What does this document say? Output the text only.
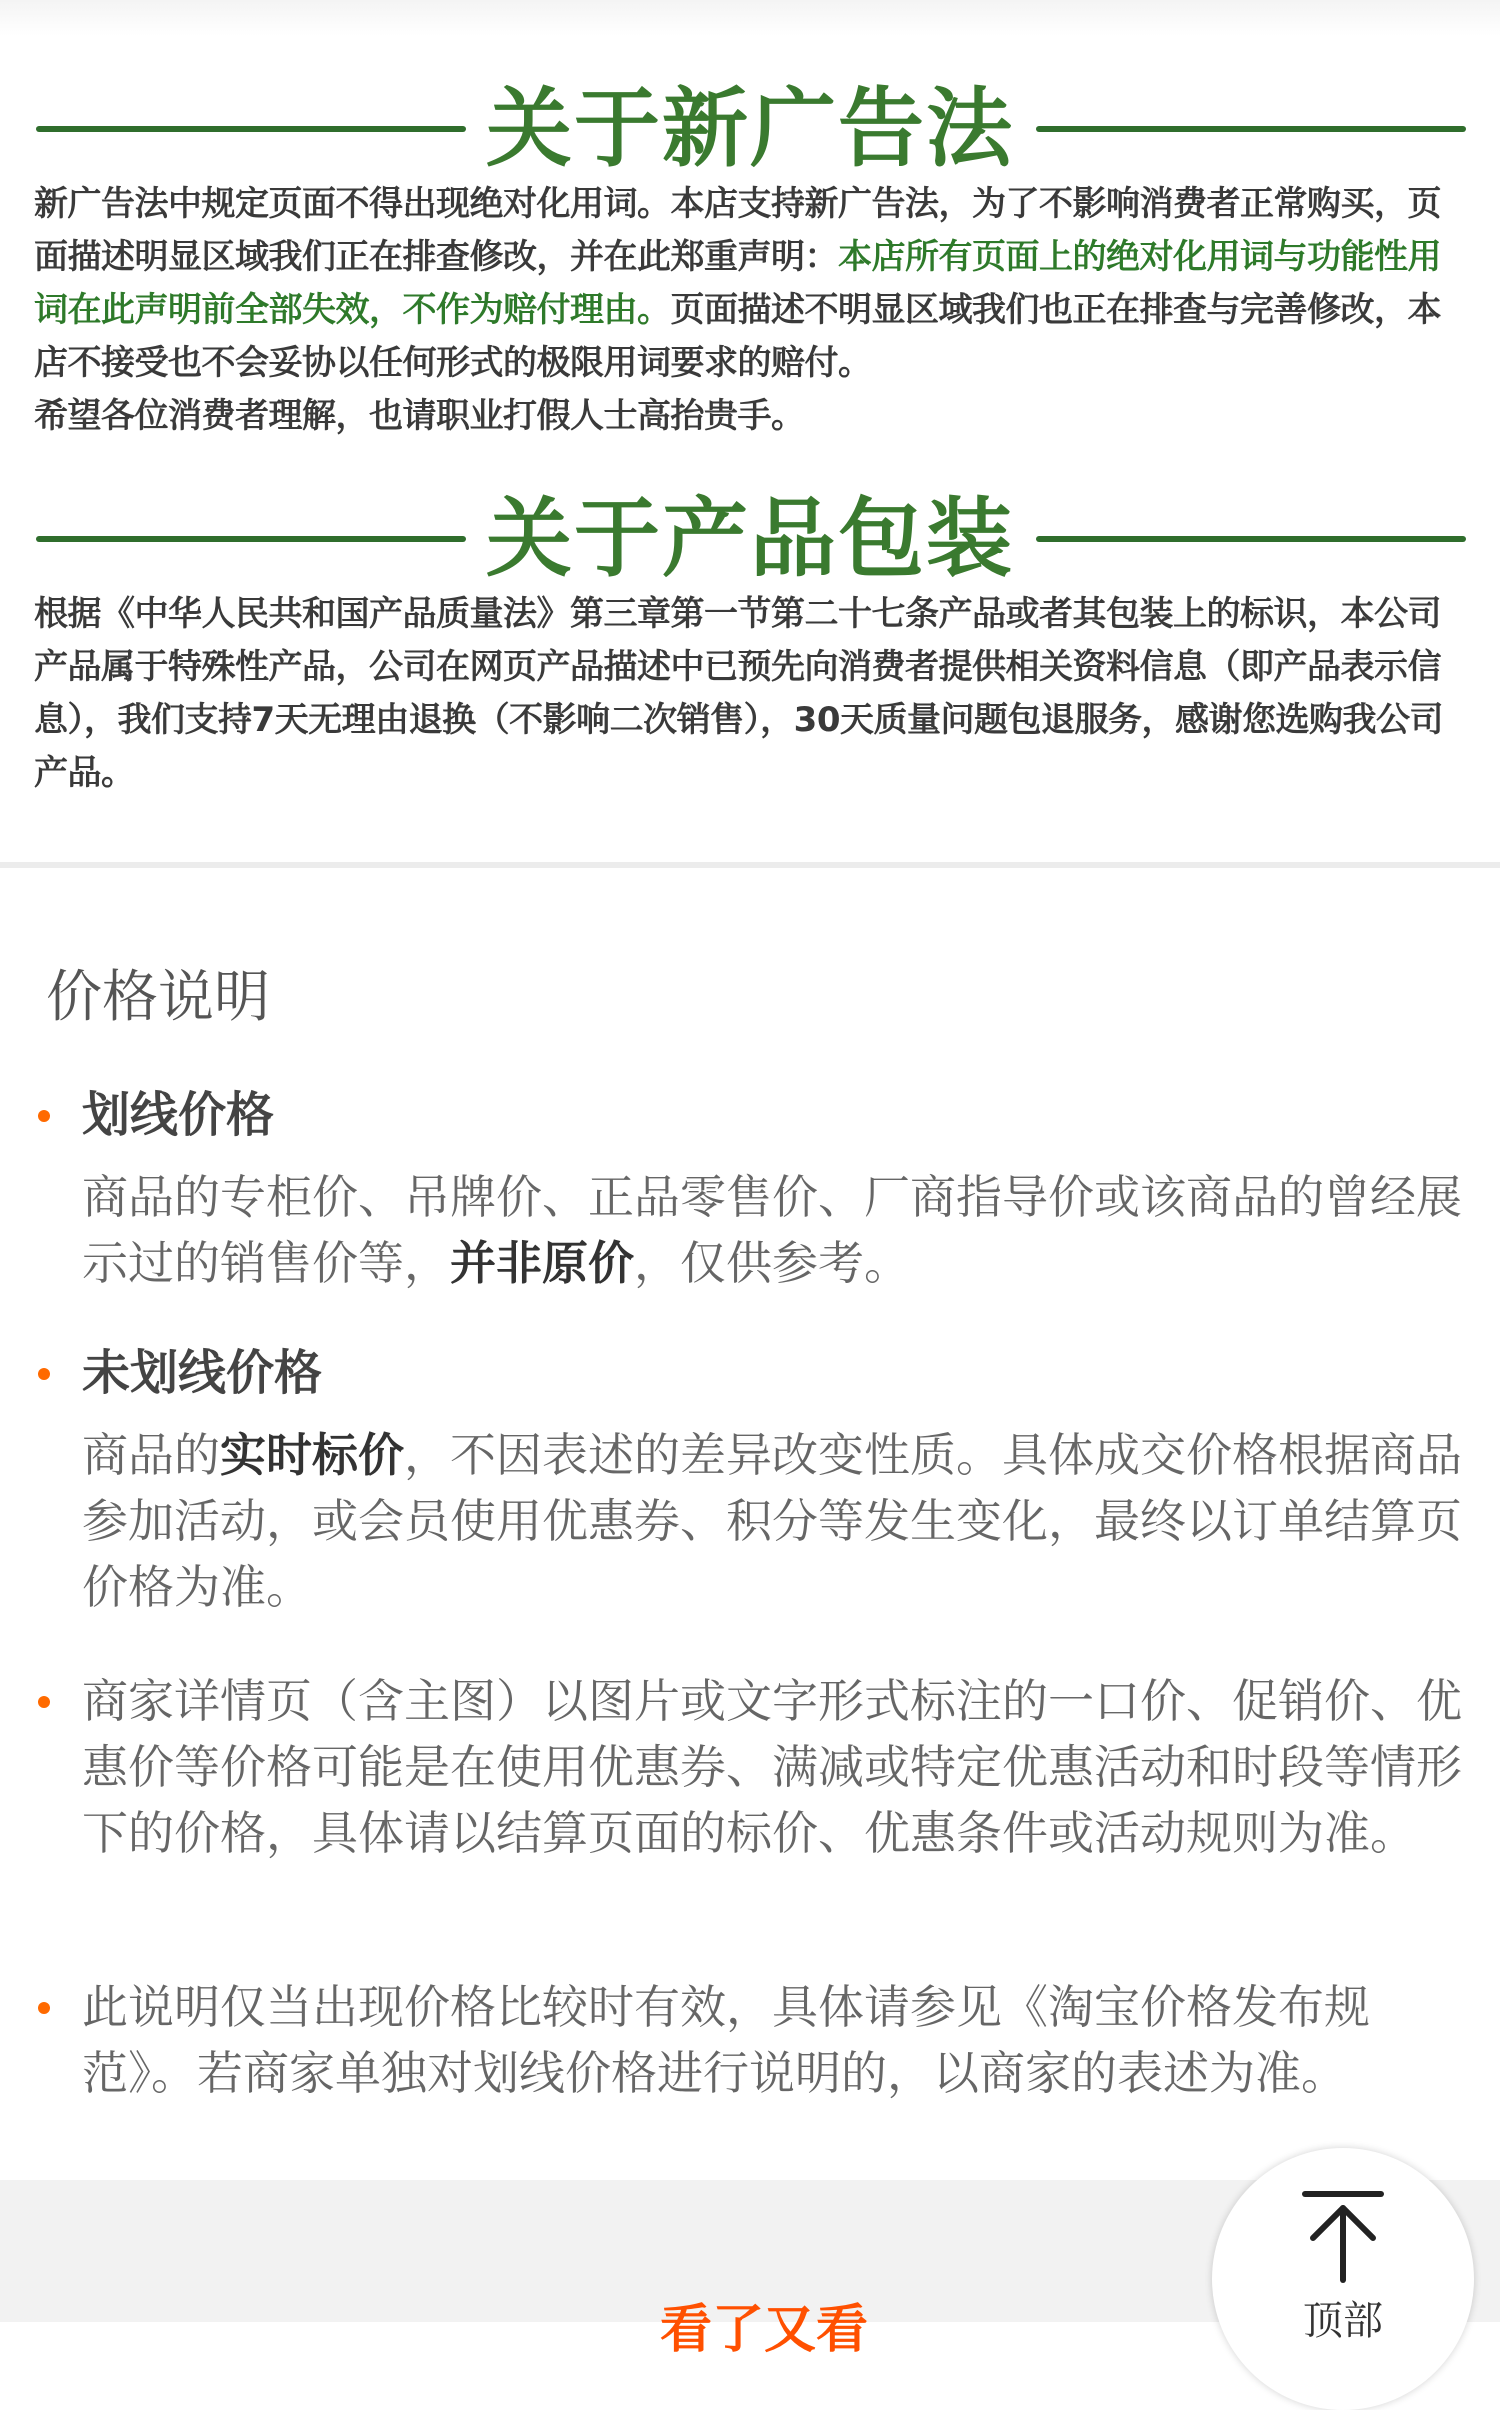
关于新广告法
新广告法中规定页面不得出现绝对化用词。本店支持新广告法，为了不影响消费者正常购买，页面描述明显区域我们正在排查修改，并在此郑重声明：本店所有页面上的绝对化用词与功能性用词在此声明前全部失效，不作为赔付理由。页面描述不明显区域我们也正在排查与完善修改，本店不接受也不会妥协以任何形式的极限用词要求的赔付。
希望各位消费者理解，也请职业打假人士高抬贵手。
关于产品包装
根据《中华人民共和国产品质量法》第三章第一节第二十七条产品或者其包装上的标识，本公司产品属于特殊性产品，公司在网页产品描述中已预先向消费者提供相关资料信息（即产品表示信息），我们支持7天无理由退换（不影响二次销售），30天质量问题包退服务，感谢您选购我公司产品。
价格说明
划线价格
商品的专柜价、吊牌价、正品零售价、厂商指导价或该商品的曾经展示过的销售价等，并非原价，仅供参考。
未划线价格
商品的实时标价，不因表述的差异改变性质。具体成交价格根据商品参加活动，或会员使用优惠券、积分等发生变化，最终以订单结算页价格为准。
商家详情页（含主图）以图片或文字形式标注的一口价、促销价、优惠价等价格可能是在使用优惠券、满减或特定优惠活动和时段等情形下的价格，具体请以结算页面的标价、优惠条件或活动规则为准。
此说明仅当出现价格比较时有效，具体请参见《淘宝价格发布规范》。若商家单独对划线价格进行说明的，以商家的表述为准。
看了又看	顶部
